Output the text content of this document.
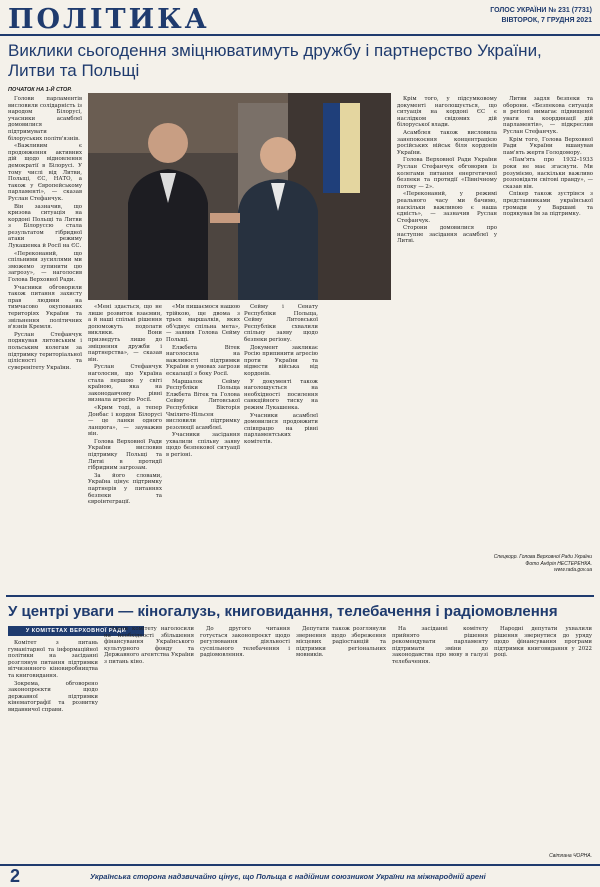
ПОЛІТИКА	ГОЛОС УКРАЇНИ № 231 (7731)
ВІВТОРОК, 7 ГРУДНЯ 2021
Виклики сьогодення зміцнюватимуть дружбу і партнерство України, Литви та Польщі
ПОЧАТОК НА 1-Й СТОР.

Голови парламентів висловили солідарність із народом Білорусі, учасники асамблеї домовилися підтримувати білоруських політв'язнів.

«Важливим є продовження активних дій щодо відновлення демократії в Білорусі. У тому числі від Литви, Польщі, ЄС, НАТО, а також у Європейському парламенті», — сказав Руслан Стефанчук.

Він зазначив, що кризова ситуація на кордоні Польщі та Литви з Білоруссю стала результатом гібридної атаки режиму Лукашенка й Росії на ЄС.

«Переконаний, що спільними зусиллями ми зможемо зупинити цю загрозу», — наголосив Голова Верховної Ради.

Учасники обговорили також питання захисту прав людини на тимчасово окупованих територіях України та звільнення політичних в'язнів Кремля.

Руслан Стефанчук подякував литовським і польським колегам за підтримку територіальної цілісності та суверенітету України.

«Мені здається, що не лише розвиток взаємин, а й наші спільні рішення допоможуть подолати виклики. Вони призведуть лише до зміцнення дружби і партнерства», — сказав він.

Руслан Стефанчук наголосив, що Україна стала першою у світі країною, яка на законодавчому рівні визнала агресію Росії.

«Крим тоді, а тепер Донбас і кордон Білорусі — це ланки одного ланцюга», — зауважив він.

Голова Верховної Ради України висловив підтримку Польщі та Литві в протидії гібридним загрозам.

За його словами, Україна цінує підтримку партнерів у питаннях безпеки та євроінтеграції.

«Ми пишаємося нашою трійкою, ще двома з трьох маршалків, яких об'єднує спільна мета», — заявив Голова Сейму Польщі.

Елжбета Вітек наголосила на важливості підтримки України в умовах загрози ескалації з боку Росії.

Маршалок Сейму Республіки Польща Елжбета Вітек та Голова Сейму Литовської Республіки Вікторія Чмілите-Нільсен висловили підтримку резолюції асамблеї.

Учасники засідання ухвалили спільну заяву щодо безпекової ситуації в регіоні.

Сейму і Сенату Республіки Польща, Сейму Литовської Республіки схвалили спільну заяву щодо безпеки регіону.

Документ закликає Росію припинити агресію проти України та відвести війська від кордонів.

У документі також наголошується на необхідності посилення санкційного тиску на режим Лукашенка.

Учасники асамблеї домовилися продовжити співпрацю на рівні парламентських комітетів.

Крім того, у підсумковому документі наголошується, що ситуація на кордоні ЄС є наслідком свідомих дій білоруської влади.

Асамблея також висловила занепокоєння концентрацією російських військ біля кордонів України.

Голова Верховної Ради України Руслан Стефанчук обговорив із колегами питання енергетичної безпеки та протидії «Північному потоку — 2».

«Переконаний, у режимі реального часу ми бачимо, наскільки важливою є наша єдність», — зазначив Руслан Стефанчук.

Сторони домовилися про наступне засідання асамблеї у Литві.

Литви задля безпеки та оборони. «Безпекова ситуація в регіоні вимагає підвищеної уваги та координації дій парламентів», — підкреслив Руслан Стефанчук.

Крім того, Голова Верховної Ради України вшанував пам'ять жертв Голодомору.

«Пам'ять про 1932–1933 роки не має згаснути. Ми розуміємо, наскільки важливо розповідати світові правду», — сказав він.

Спікер також зустрівся з представниками української громади у Варшаві та подякував їм за підтримку.

Спецкорр. Голова Верховної Ради України
Фото Андрія НЕСТЕРЕНКА.
www.rada.gov.ua
У центрі уваги — кіногалузь, книговидання, телебачення і радіомовлення
У КОМІТЕТАХ ВЕРХОВНОЇ РАДИ

Комітет з питань гуманітарної та інформаційної політики на засіданні розглянув питання підтримки вітчизняного кіновиробництва та книговидання.

Зокрема, обговорено законопроєкти щодо державної підтримки кінематографії та розвитку видавничої справи.

Члени комітету наголосили на необхідності збільшення фінансування Українського культурного фонду та Державного агентства України з питань кіно.

До другого читання готується законопроєкт щодо регулювання діяльності суспільного телебачення і радіомовлення.

Депутати також розглянули звернення щодо збереження місцевих радіостанцій та підтримки регіональних мовників.

На засіданні комітету прийнято рішення рекомендувати парламенту підтримати зміни до законодавства про мову в галузі телебачення.

Народні депутати ухвалили рішення звернутися до уряду щодо фінансування програми підтримки книговидання у 2022 році.

Світлана ЧОРНА.
2	Українська сторона надзвичайно цінує, що Польща є надійним союзником України на міжнародній арені
